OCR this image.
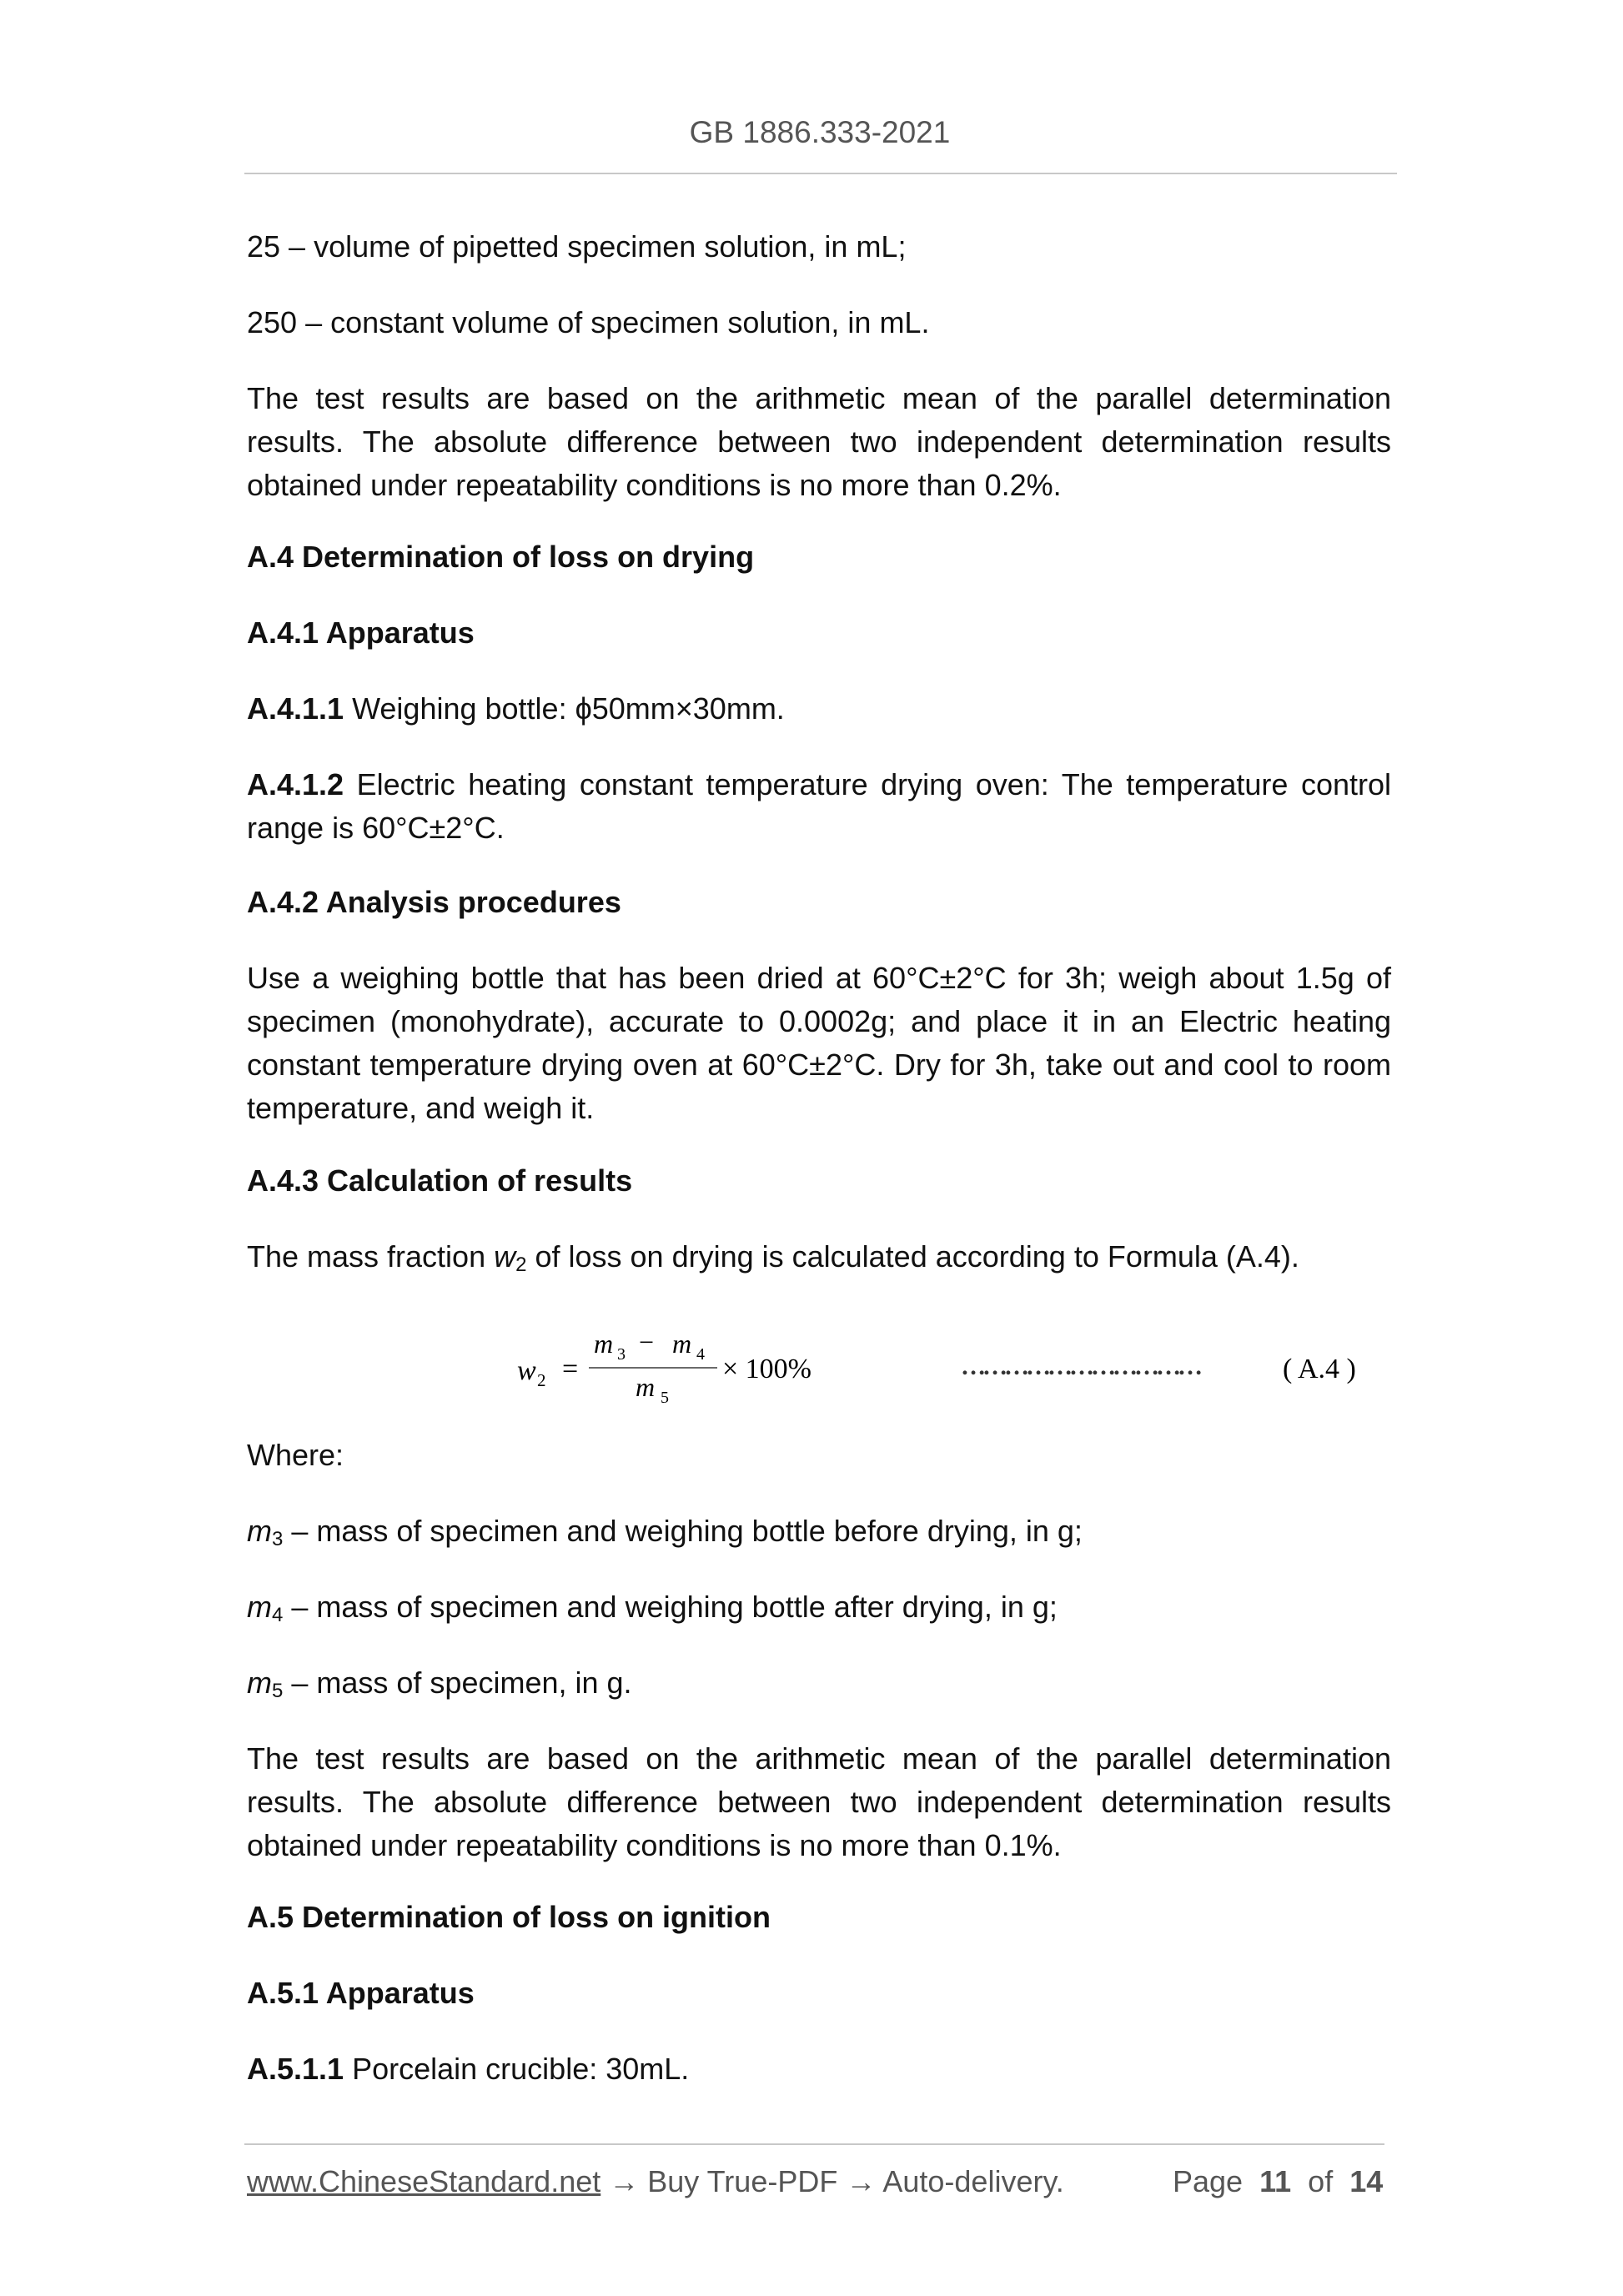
GB 1886.333-2021

25 – volume of pipetted specimen solution, in mL;

250 – constant volume of specimen solution, in mL.

The test results are based on the arithmetic mean of the parallel determination results. The absolute difference between two independent determination results obtained under repeatability conditions is no more than 0.2%.

A.4 Determination of loss on drying

A.4.1 Apparatus

A.4.1.1 Weighing bottle: ϕ50mm×30mm.

A.4.1.2 Electric heating constant temperature drying oven: The temperature control range is 60°C±2°C.

A.4.2 Analysis procedures

Use a weighing bottle that has been dried at 60°C±2°C for 3h; weigh about 1.5g of specimen (monohydrate), accurate to 0.0002g; and place it in an Electric heating constant temperature drying oven at 60°C±2°C. Dry for 3h, take out and cool to room temperature, and weigh it.

A.4.3 Calculation of results

The mass fraction $w_2$ of loss on drying is calculated according to Formula (A.4).

Where:

$m_3$ – mass of specimen and weighing bottle before drying, in g;

$m_4$ – mass of specimen and weighing bottle after drying, in g;

$m_5$ – mass of specimen, in g.

The test results are based on the arithmetic mean of the parallel determination results. The absolute difference between two independent determination results obtained under repeatability conditions is no more than 0.1%.

A.5 Determination of loss on ignition

A.5.1 Apparatus

A.5.1.1 Porcelain crucible: 30mL.

w 2 =
m 3 − m 4
m 5
× 100%	……………………………	( A.4 )
www.ChineseStandard.net → Buy True-PDF → Auto-delivery.	Page 11 of 14
